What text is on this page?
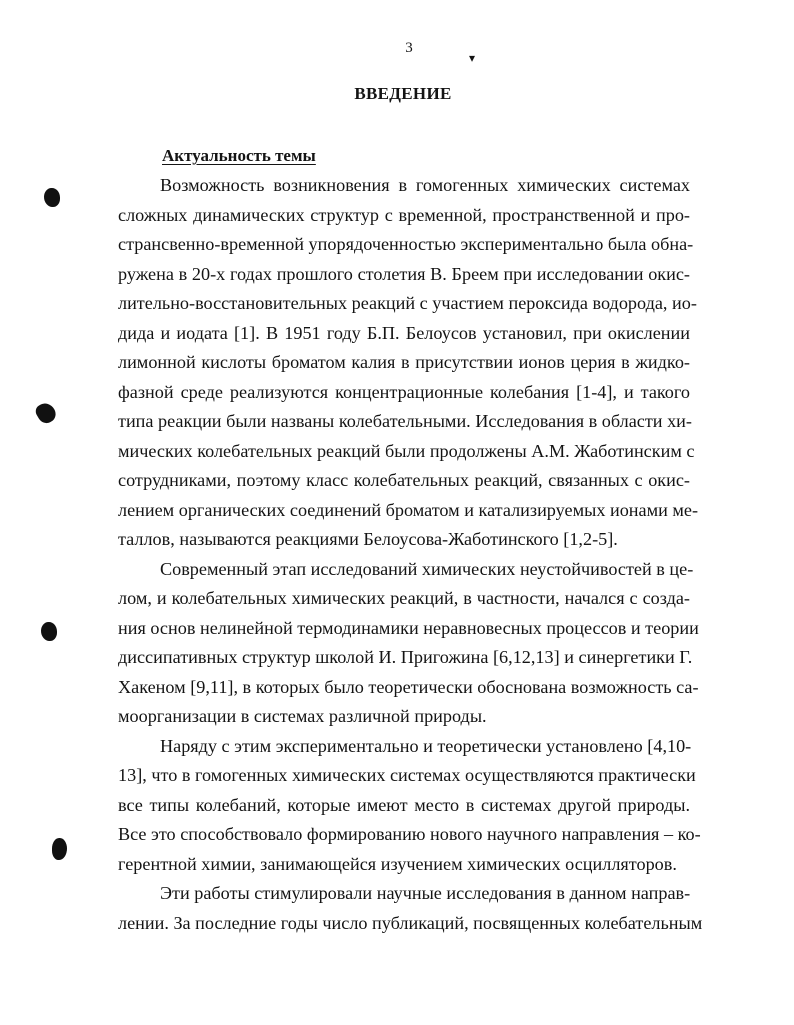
3
▾
ВВЕДЕНИЕ
Актуальность темы

Возможность возникновения в гомогенных химических системах
сложных динамических структур с временной, пространственной и про-
странсвенно-временной упорядоченностью экспериментально была обна-
ружена в 20-х годах прошлого столетия В. Бреем при исследовании окис-
лительно-восстановительных реакций с участием пероксида водорода, ио-
дида и иодата [1]. В 1951 году Б.П. Белоусов установил, при окислении
лимонной кислоты броматом калия в присутствии ионов церия в жидко-
фазной среде реализуются концентрационные колебания [1-4], и такого
типа реакции были названы колебательными. Исследования в области хи-
мических колебательных реакций были продолжены А.М. Жаботинским с
сотрудниками, поэтому класс колебательных реакций, связанных с окис-
лением органических соединений броматом и катализируемых ионами ме-
таллов, называются реакциями Белоусова-Жаботинского [1,2-5].

Современный этап исследований химических неустойчивостей в це-
лом, и колебательных химических реакций, в частности, начался с созда-
ния основ нелинейной термодинамики неравновесных процессов и теории
диссипативных структур школой И. Пригожина [6,12,13] и синергетики Г.
Хакеном [9,11], в которых было теоретически обоснована возможность са-
моорганизации в системах различной природы.

Наряду с этим экспериментально и теоретически установлено [4,10-
13], что в гомогенных химических системах осуществляются практически
все типы колебаний, которые имеют место в системах другой природы.
Все это способствовало формированию нового научного направления – ко-
герентной химии, занимающейся изучением химических осцилляторов.

Эти работы стимулировали научные исследования в данном направ-
лении. За последние годы число публикаций, посвященных колебательным
